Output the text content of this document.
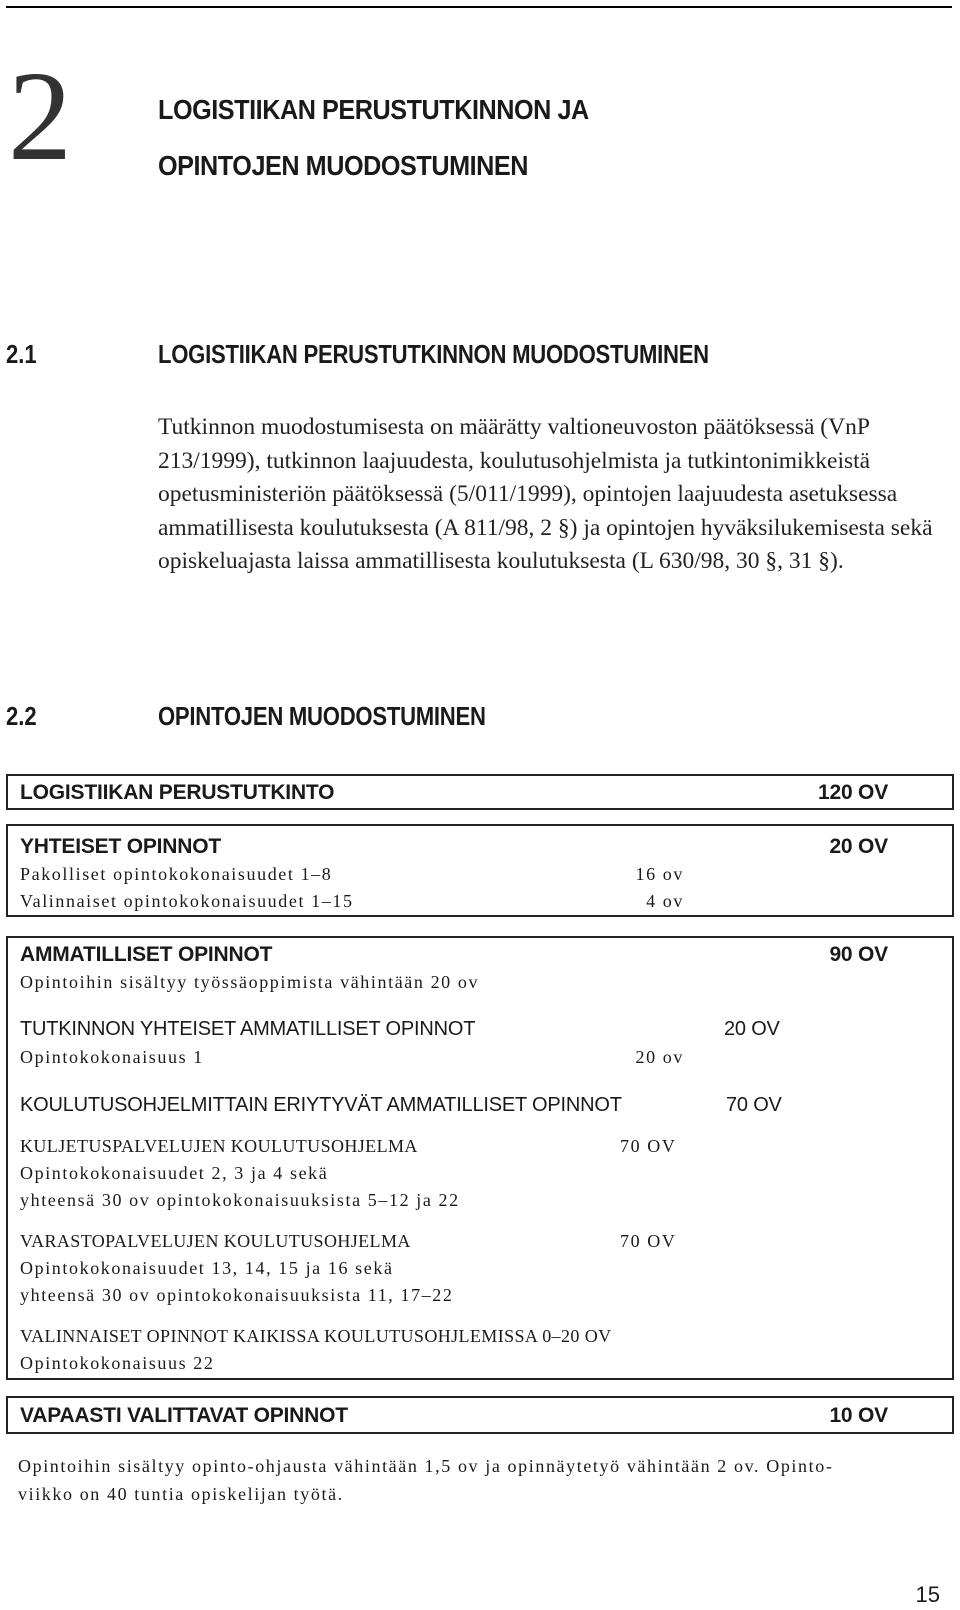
2	LOGISTIIKAN PERUSTUTKINNON JA
OPINTOJEN MUODOSTUMINEN
2.1	LOGISTIIKAN PERUSTUTKINNON MUODOSTUMINEN
Tutkinnon muodostumisesta on määrätty valtioneuvoston päätöksessä (VnP 213/1999), tutkinnon laajuudesta, koulutusohjelmista ja tutkintonimikkeistä opetusministeriön päätöksessä (5/011/1999), opintojen laajuudesta asetuksessa ammatillisesta koulutuksesta (A 811/98, 2 §) ja opintojen hyväksilukemisesta sekä opiskeluajasta laissa ammatillisesta koulutuksesta (L 630/98, 30 §, 31 §).
2.2	OPINTOJEN MUODOSTUMINEN
LOGISTIIKAN PERUSTUTKINTO	120 OV
YHTEISET OPINNOT	20 OV
Pakolliset opintokokonaisuudet 1–8	16 ov
Valinnaiset opintokokonaisuudet 1–15	4 ov
AMMATILLISET OPINNOT	90 OV
Opintoihin sisältyy työssäoppimista vähintään 20 ov
TUTKINNON YHTEISET AMMATILLISET OPINNOT	20 OV
Opintokokonaisuus 1	20 ov
KOULUTUSOHJELMITTAIN ERIYTYVÄT AMMATILLISET OPINNOT	70 OV
KULJETUSPALVELUJEN KOULUTUSOHJELMA	70 OV
Opintokokonaisuudet 2, 3 ja 4 sekä
yhteensä 30 ov opintokokonaisuuksista 5–12 ja 22
VARASTOPALVELUJEN KOULUTUSOHJELMA	70 OV
Opintokokonaisuudet 13, 14, 15 ja 16 sekä
yhteensä 30 ov opintokokonaisuuksista 11, 17–22
VALINNAISET OPINNOT KAIKISSA KOULUTUSOHJLEMISSA 0–20 OV
Opintokokonaisuus 22
VAPAASTI VALITTAVAT OPINNOT	10 OV
Opintoihin sisältyy opinto-ohjausta vähintään 1,5 ov ja opinnäytetyö vähintään 2 ov. Opinto-
viikko on 40 tuntia opiskelijan työtä.
15
